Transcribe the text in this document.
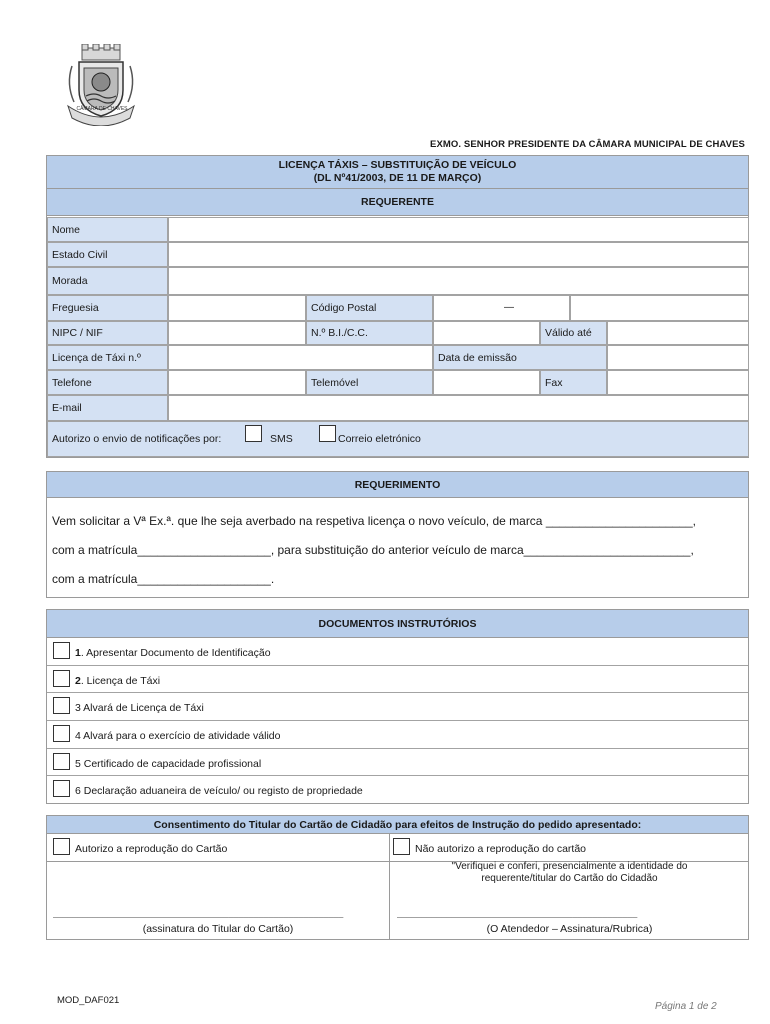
CÂMARA DE CHAVES
EXMO. SENHOR PRESIDENTE DA CÂMARA MUNICIPAL DE CHAVES
LICENÇA TÁXIS – SUBSTITUIÇÃO DE VEÍCULO
(DL Nº41/2003, DE 11 DE MARÇO)
REQUERENTE
Nome
Estado Civil
Morada
Freguesia	Código Postal	—
NIPC / NIF	N.º B.I./C.C.	Válido até
Licença de Táxi n.º	Data de emissão
Telefone	Telemóvel	Fax
E-mail
Autorizo o envio de notificações por:	SMS	Correio eletrónico
REQUERIMENTO
Vem solicitar a Vª Ex.ª. que lhe seja averbado na respetiva licença o novo veículo, de marca ______________________,
com a matrícula____________________, para substituição do anterior veículo de marca_________________________,
com a matrícula____________________.
DOCUMENTOS INSTRUTÓRIOS
1. Apresentar Documento de Identificação
2. Licença de Táxi
3 Alvará de Licença de Táxi
4 Alvará para o exercício de atividade válido
5 Certificado de capacidade profissional
6 Declaração aduaneira de veículo/ ou registo de propriedade
Consentimento do Titular do Cartão de Cidadão para efeitos de Instrução do pedido apresentado:
Autorizo a reprodução do Cartão	Não autorizo a reprodução do cartão
"Verifiquei e conferi, presencialmente a identidade do
requerente/titular do Cartão do Cidadão
__________________________________________________________
(assinatura do Titular do Cartão)
________________________________________________
(O Atendedor – Assinatura/Rubrica)
MOD_DAF021
Página 1 de 2
